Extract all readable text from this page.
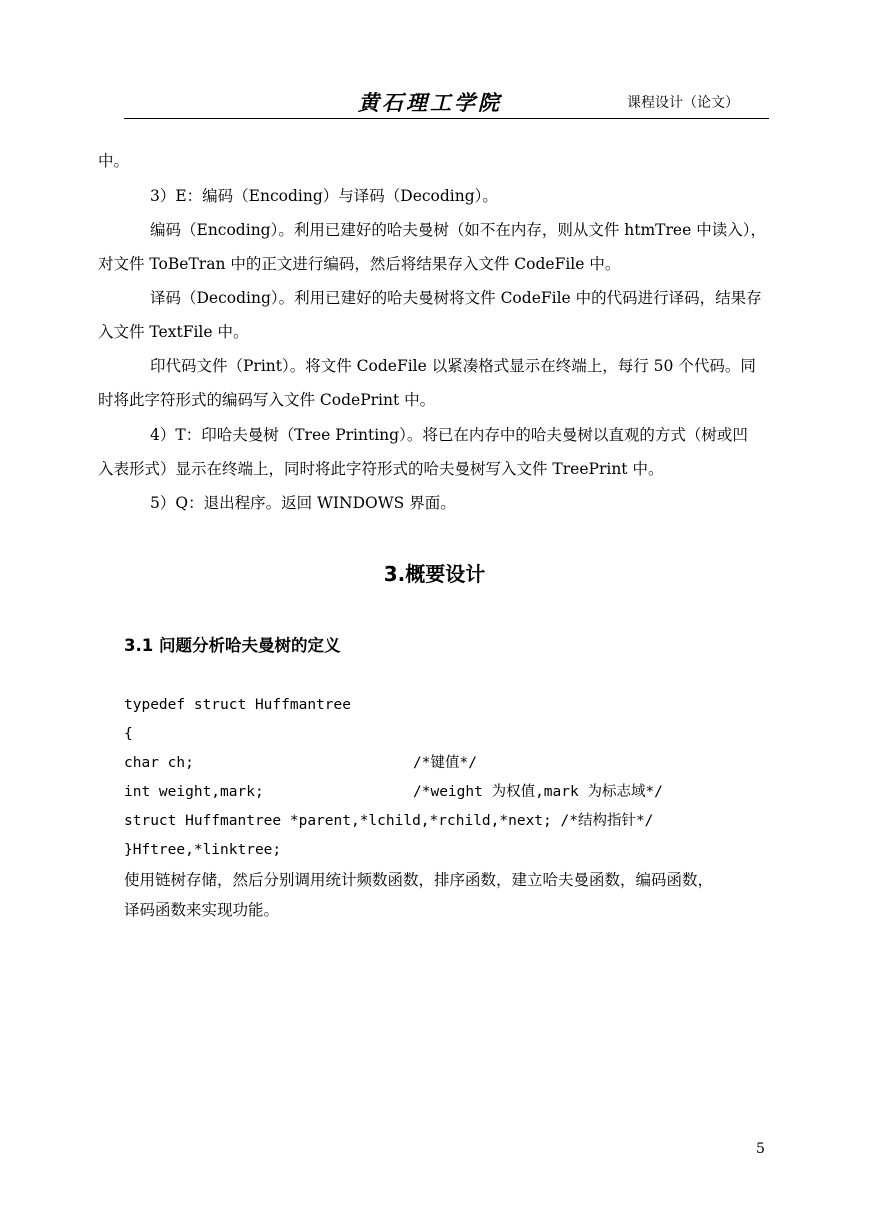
黄石理工学院	课程设计（论文）
中。
3）E：编码（Encoding）与译码（Decoding）。
编码（Encoding）。利用已建好的哈夫曼树（如不在内存，则从文件 htmTree 中读入），
对文件 ToBeTran 中的正文进行编码，然后将结果存入文件 CodeFile 中。
译码（Decoding）。利用已建好的哈夫曼树将文件 CodeFile 中的代码进行译码，结果存
入文件 TextFile 中。
印代码文件（Print）。将文件 CodeFile 以紧凑格式显示在终端上，每行 50 个代码。同
时将此字符形式的编码写入文件 CodePrint 中。
4）T：印哈夫曼树（Tree Printing）。将已在内存中的哈夫曼树以直观的方式（树或凹
入表形式）显示在终端上，同时将此字符形式的哈夫曼树写入文件 TreePrint 中。
5）Q：退出程序。返回 WINDOWS 界面。
3.概要设计
3.1 问题分析哈夫曼树的定义
typedef struct Huffmantree
{
char ch;	/*键值*/
int weight,mark;	/*weight 为权值,mark 为标志域*/
struct Huffmantree *parent,*lchild,*rchild,*next; /*结构指针*/
}Hftree,*linktree;
使用链树存储，然后分别调用统计频数函数，排序函数，建立哈夫曼函数，编码函数，
译码函数来实现功能。
5
